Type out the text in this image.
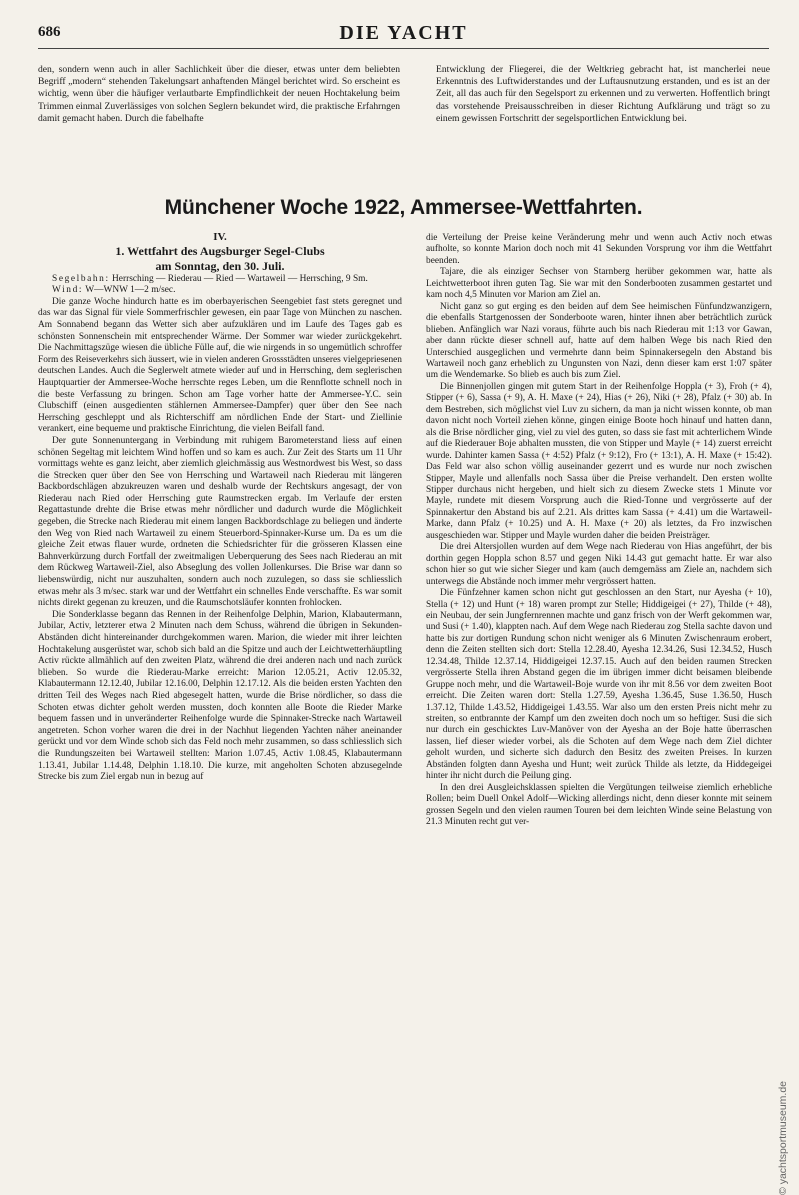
686	DIE YACHT

den, sondern wenn auch in aller Sachlichkeit über die dieser, etwas unter dem beliebten Begriff „modern“ stehenden Takelungsart anhaftenden Mängel berichtet wird. So erscheint es wichtig, wenn über die häufiger verlautbarte Empfindlichkeit der neuen Hochtakelung beim Trimmen einmal Zuverlässiges von solchen Seglern bekundet wird, die praktische Erfahrngen damit gemacht haben. Durch die fabelhafte

Entwicklung der Fliegerei, die der Weltkrieg gebracht hat, ist mancherlei neue Erkenntnis des Luftwiderstandes und der Luftausnutzung erstanden, und es ist an der Zeit, all das auch für den Segelsport zu erkennen und zu verwerten. Hoffentlich bringt das vorstehende Preisausschreiben in dieser Richtung Aufklärung und trägt so zu einem gewissen Fortschritt der segelsportlichen Entwicklung bei.

Münchener Woche 1922, Ammersee-Wettfahrten.

IV.

1. Wettfahrt des Augsburger Segel-Clubs
am Sonntag, den 30. Juli.

Segelbahn: Herrsching — Riederau — Ried — Wartaweil — Herrsching, 9 Sm.

Wind: W—WNW 1—2 m/sec.

Die ganze Woche hindurch hatte es im oberbayerischen Seengebiet fast stets geregnet und das war das Signal für viele Sommerfrischler gewesen, ein paar Tage von München zu naschen. Am Sonnabend begann das Wetter sich aber aufzuklären und im Laufe des Tages gab es schönsten Sonnenschein mit entsprechender Wärme. Der Sommer war wieder zurückgekehrt. Die Nachmittagszüge wiesen die übliche Fülle auf, die wie nirgends in so ungemütlich schroffer Form des Reiseverkehrs sich äussert, wie in vielen anderen Grossstädten unseres vielgepriesenen deutschen Landes. Auch die Seglerwelt atmete wieder auf und in Herrsching, dem seglerischen Hauptquartier der Ammersee-Woche herrschte reges Leben, um die Rennflotte schnell noch in die beste Verfassung zu bringen. Schon am Tage vorher hatte der Ammersee-Y.C. sein Clubschiff (einen ausgedienten stählernen Ammersee-Dampfer) quer über den See nach Herrsching geschleppt und als Richterschiff am nördlichen Ende der Start- und Ziellinie verankert, eine bequeme und praktische Einrichtung, die vielen Beifall fand.

Der gute Sonnenuntergang in Verbindung mit ruhigem Barometerstand liess auf einen schönen Segeltag mit leichtem Wind hoffen und so kam es auch. Zur Zeit des Starts um 11 Uhr vormittags wehte es ganz leicht, aber ziemlich gleichmässig aus Westnordwest bis West, so dass die Strecken quer über den See von Herrsching und Wartaweil nach Riederau mit längeren Backbordschlägen abzukreuzen waren und deshalb wurde der Rechtskurs angesagt, der von Riederau nach Ried oder Herrsching gute Raumstrecken ergab. Im Verlaufe der ersten Regattastunde drehte die Brise etwas mehr nördlicher und dadurch wurde die Möglichkeit gegeben, die Strecke nach Riederau mit einem langen Backbordschlage zu beliegen und änderte den Weg von Ried nach Wartaweil zu einem Steuerbord-Spinnaker-Kurse um. Da es um die gleiche Zeit etwas flauer wurde, ordneten die Schiedsrichter für die grösseren Klassen eine Bahnverkürzung durch Fortfall der zweitmaligen Ueberquerung des Sees nach Riederau an mit dem Rückweg Wartaweil-Ziel, also Abseglung des vollen Jollenkurses. Die Brise war dann so liebenswürdig, nicht nur auszuhalten, sondern auch noch zuzulegen, so dass sie schliesslich etwas mehr als 3 m/sec. stark war und der Wettfahrt ein schnelles Ende verschaffte. Es war somit nichts direkt gegenan zu kreuzen, und die Raumschotsläufer konnten frohlocken.

Die Sonderklasse begann das Rennen in der Reihenfolge Delphin, Marion, Klabautermann, Jubilar, Activ, letzterer etwa 2 Minuten nach dem Schuss, während die übrigen in Sekunden-Abständen dicht hintereinander durchgekommen waren. Marion, die wieder mit ihrer leichten Hochtakelung ausgerüstet war, schob sich bald an die Spitze und auch der Leichtwetterhäuptling Activ rückte allmählich auf den zweiten Platz, während die drei anderen nach und nach zurück blieben. So wurde die Riederau-Marke erreicht: Marion 12.05.21, Activ 12.05.32, Klabautermann 12.12.40, Jubilar 12.16.00, Delphin 12.17.12. Als die beiden ersten Yachten den dritten Teil des Weges nach Ried abgesegelt hatten, wurde die Brise nördlicher, so dass die Schoten etwas dichter geholt werden mussten, doch konnten alle Boote die Rieder Marke bequem fassen und in unveränderter Reihenfolge wurde die Spinnaker-Strecke nach Wartaweil angetreten. Schon vorher waren die drei in der Nachhut liegenden Yachten näher aneinander gerückt und vor dem Winde schob sich das Feld noch mehr zusammen, so dass schliesslich sich die Rundungszeiten bei Wartaweil stellten: Marion 1.07.45, Activ 1.08.45, Klabautermann 1.13.41, Jubilar 1.14.48, Delphin 1.18.10. Die kurze, mit angeholten Schoten abzusegelnde Strecke bis zum Ziel ergab nun in bezug auf

die Verteilung der Preise keine Veränderung mehr und wenn auch Activ noch etwas aufholte, so konnte Marion doch noch mit 41 Sekunden Vorsprung vor ihm die Wettfahrt beenden.

Tajare, die als einziger Sechser von Starnberg herüber gekommen war, hatte als Leichtwetterboot ihren guten Tag. Sie war mit den Sonderbooten zusammen gestartet und kam noch 4,5 Minuten vor Marion am Ziel an.

Nicht ganz so gut erging es den beiden auf dem See heimischen Fünfundzwanzigern, die ebenfalls Startgenossen der Sonderboote waren, hinter ihnen aber beträchtlich zurück blieben. Anfänglich war Nazi voraus, führte auch bis nach Riederau mit 1:13 vor Gawan, aber dann rückte dieser schnell auf, hatte auf dem halben Wege bis nach Ried den Unterschied ausgeglichen und vermehrte dann beim Spinnakersegeln den Abstand bis Wartaweil noch ganz erheblich zu Ungunsten von Nazi, denn dieser kam erst 1:07 später um die Wendemarke. So blieb es auch bis zum Ziel.

Die Binnenjollen gingen mit gutem Start in der Reihenfolge Hoppla (+ 3), Froh (+ 4), Stipper (+ 6), Sassa (+ 9), A. H. Maxe (+ 24), Hias (+ 26), Niki (+ 28), Pfalz (+ 30) ab. In dem Bestreben, sich möglichst viel Luv zu sichern, da man ja nicht wissen konnte, ob man davon nicht noch Vorteil ziehen könne, gingen einige Boote hoch hinauf und hatten dann, als die Brise nördlicher ging, viel zu viel des guten, so dass sie fast mit achterlichem Winde auf die Riederauer Boje abhalten mussten, die von Stipper und Mayle (+ 14) zuerst erreicht wurde. Dahinter kamen Sassa (+ 4:52) Pfalz (+ 9:12), Fro (+ 13:1), A. H. Maxe (+ 15:42). Das Feld war also schon völlig auseinander gezerrt und es wurde nur noch zwischen Stipper, Mayle und allenfalls noch Sassa über die Preise verhandelt. Den ersten wollte Stipper durchaus nicht hergeben, und hielt sich zu diesem Zwecke stets 1 Minute vor Mayle, rundete mit diesem Vorsprung auch die Ried-Tonne und vergrösserte auf der Spinnakertur den Abstand bis auf 2.21. Als drittes kam Sassa (+ 4.41) um die Wartaweil-Marke, dann Pfalz (+ 10.25) und A. H. Maxe (+ 20) als letztes, da Fro inzwischen ausgeschieden war. Stipper und Mayle wurden daher die beiden Preisträger.

Die drei Altersjollen wurden auf dem Wege nach Riederau von Hias angeführt, der bis dorthin gegen Hoppla schon 8.57 und gegen Niki 14.43 gut gemacht hatte. Er war also schon hier so gut wie sicher Sieger und kam (auch demgemäss am Ziele an, nachdem sich unterwegs die Abstände noch immer mehr vergrössert hatten.

Die Fünfzehner kamen schon nicht gut geschlossen an den Start, nur Ayesha (+ 10), Stella (+ 12) und Hunt (+ 18) waren prompt zur Stelle; Hiddigeigei (+ 27), Thilde (+ 48), ein Neubau, der sein Jungfernrennen machte und ganz frisch von der Werft gekommen war, und Susi (+ 1.40), klappten nach. Auf dem Wege nach Riederau zog Stella sachte davon und hatte bis zur dortigen Rundung schon nicht weniger als 6 Minuten Zwischenraum erobert, denn die Zeiten stellten sich dort: Stella 12.28.40, Ayesha 12.34.26, Susi 12.34.52, Husch 12.34.48, Thilde 12.37.14, Hiddigeigei 12.37.15. Auch auf den beiden raumen Strecken vergrösserte Stella ihren Abstand gegen die im übrigen immer dicht beisamen bleibende Gruppe noch mehr, und die Wartaweil-Boje wurde von ihr mit 8.56 vor dem zweiten Boot erreicht. Die Zeiten waren dort: Stella 1.27.59, Ayesha 1.36.45, Suse 1.36.50, Husch 1.37.12, Thilde 1.43.52, Hiddigeigei 1.43.55. War also um den ersten Preis nicht mehr zu streiten, so entbrannte der Kampf um den zweiten doch noch um so heftiger. Susi die sich nur durch ein geschicktes Luv-Manöver von der Ayesha an der Boje hatte überraschen lassen, lief dieser wieder vorbei, als die Schoten auf dem Wege nach dem Ziel dichter geholt wurden, und sicherte sich dadurch den Besitz des zweiten Preises. In kurzen Abständen folgten dann Ayesha und Hunt; weit zurück Thilde als letzte, da Hiddegeigei hinter ihr nicht durch die Peilung ging.

In den drei Ausgleichsklassen spielten die Vergütungen teilweise ziemlich erhebliche Rollen; beim Duell Onkel Adolf—Wicking allerdings nicht, denn dieser konnte mit seinem grossen Segeln und den vielen raumen Touren bei dem leichten Winde seine Belastung von 21.3 Minuten recht gut ver-

© yachtsportmuseum.de
